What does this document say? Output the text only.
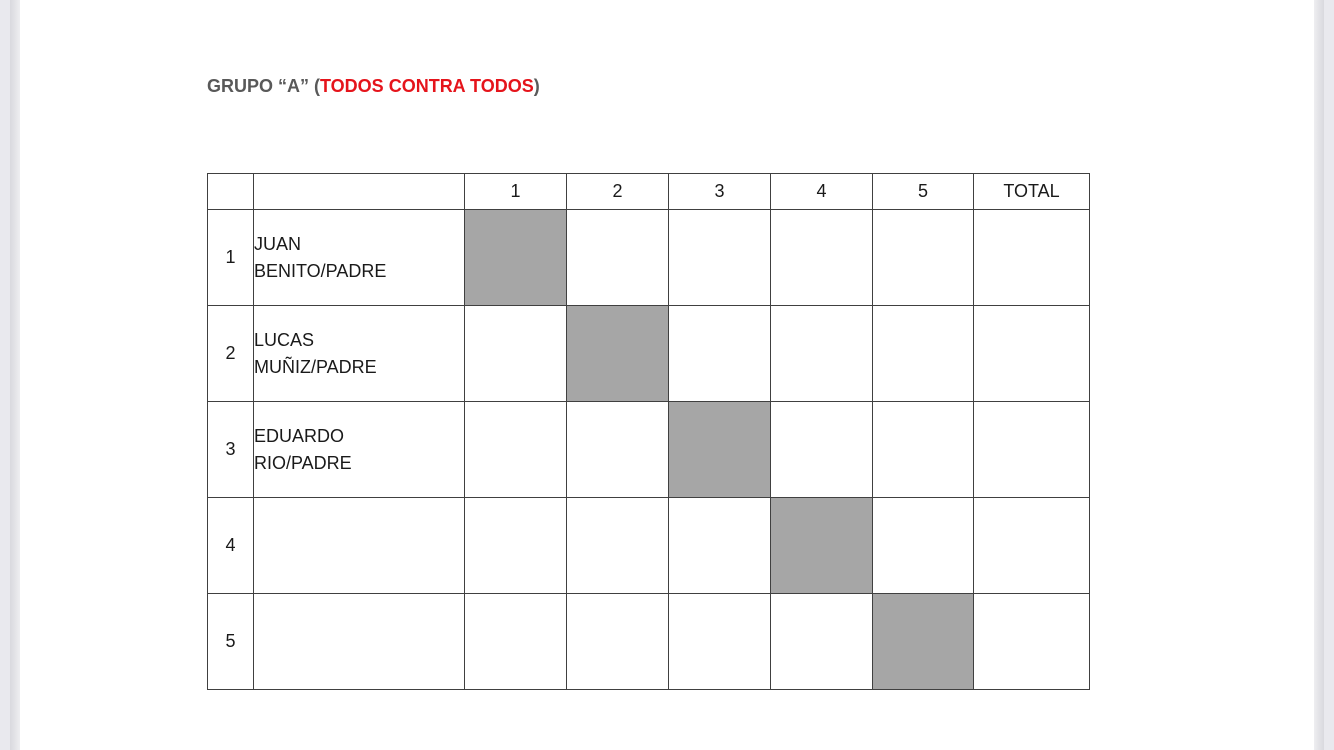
GRUPO “A” (TODOS CONTRA TODOS)
		1	2	3	4	5	TOTAL
1	JUAN
BENITO/PADRE						

2	LUCAS
MUÑIZ/PADRE						

3	EDUARDO
RIO/PADRE						

4	

5	
